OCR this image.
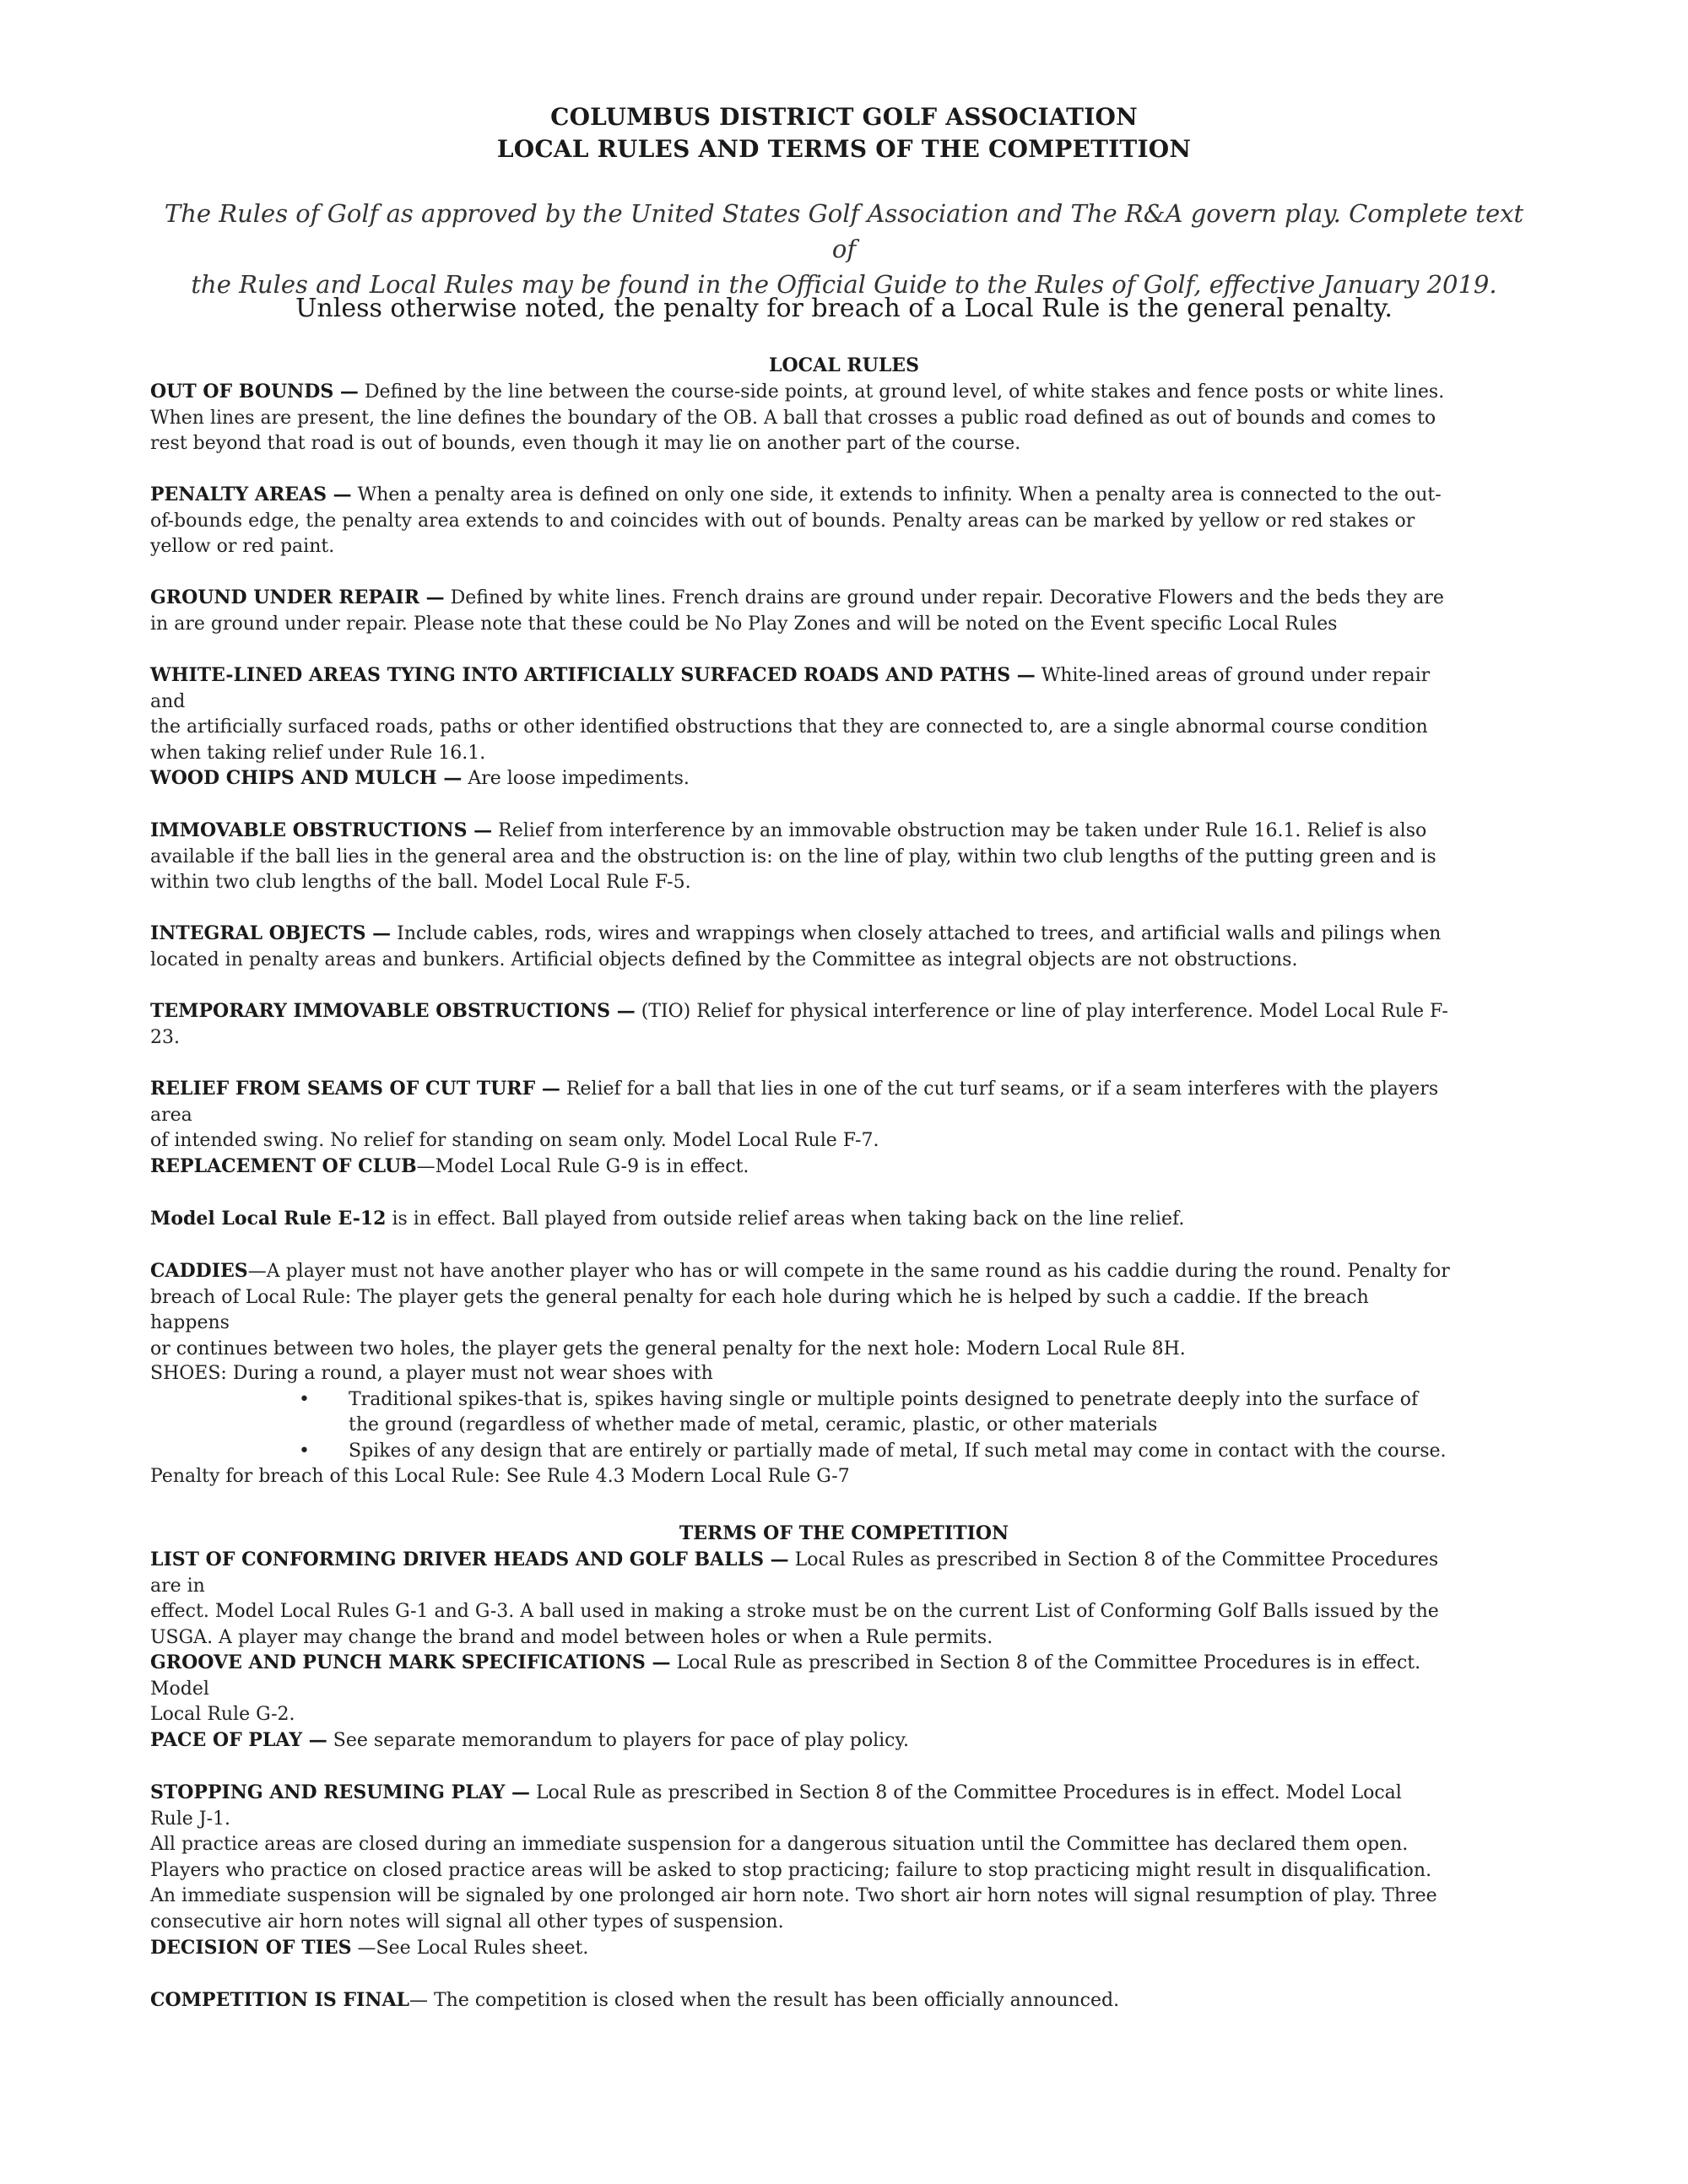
COLUMBUS DISTRICT GOLF ASSOCIATION
LOCAL RULES AND TERMS OF THE COMPETITION
The Rules of Golf as approved by the United States Golf Association and The R&A govern play. Complete text of
the Rules and Local Rules may be found in the Official Guide to the Rules of Golf, effective January 2019.
Unless otherwise noted, the penalty for breach of a Local Rule is the general penalty.
LOCAL RULES
OUT OF BOUNDS — Defined by the line between the course-side points, at ground level, of white stakes and fence posts or white lines.
When lines are present, the line defines the boundary of the OB. A ball that crosses a public road defined as out of bounds and comes to
rest beyond that road is out of bounds, even though it may lie on another part of the course.
PENALTY AREAS — When a penalty area is defined on only one side, it extends to infinity. When a penalty area is connected to the out-
of-bounds edge, the penalty area extends to and coincides with out of bounds. Penalty areas can be marked by yellow or red stakes or
yellow or red paint.
GROUND UNDER REPAIR — Defined by white lines. French drains are ground under repair. Decorative Flowers and the beds they are
in are ground under repair. Please note that these could be No Play Zones and will be noted on the Event specific Local Rules
WHITE-LINED AREAS TYING INTO ARTIFICIALLY SURFACED ROADS AND PATHS — White-lined areas of ground under repair and
the artificially surfaced roads, paths or other identified obstructions that they are connected to, are a single abnormal course condition
when taking relief under Rule 16.1.
WOOD CHIPS AND MULCH — Are loose impediments.
IMMOVABLE OBSTRUCTIONS — Relief from interference by an immovable obstruction may be taken under Rule 16.1. Relief is also
available if the ball lies in the general area and the obstruction is: on the line of play, within two club lengths of the putting green and is
within two club lengths of the ball. Model Local Rule F-5.
INTEGRAL OBJECTS — Include cables, rods, wires and wrappings when closely attached to trees, and artificial walls and pilings when
located in penalty areas and bunkers. Artificial objects defined by the Committee as integral objects are not obstructions.
TEMPORARY IMMOVABLE OBSTRUCTIONS — (TIO) Relief for physical interference or line of play interference. Model Local Rule F-
23.
RELIEF FROM SEAMS OF CUT TURF — Relief for a ball that lies in one of the cut turf seams, or if a seam interferes with the players area
of intended swing. No relief for standing on seam only. Model Local Rule F-7.
REPLACEMENT OF CLUB—Model Local Rule G-9 is in effect.
Model Local Rule E-12 is in effect. Ball played from outside relief areas when taking back on the line relief.
CADDIES—A player must not have another player who has or will compete in the same round as his caddie during the round. Penalty for
breach of Local Rule: The player gets the general penalty for each hole during which he is helped by such a caddie. If the breach happens
or continues between two holes, the player gets the general penalty for the next hole: Modern Local Rule 8H.
SHOES: During a round, a player must not wear shoes with
• Traditional spikes-that is, spikes having single or multiple points designed to penetrate deeply into the surface of
the ground (regardless of whether made of metal, ceramic, plastic, or other materials
• Spikes of any design that are entirely or partially made of metal, If such metal may come in contact with the course.
Penalty for breach of this Local Rule: See Rule 4.3 Modern Local Rule G-7
TERMS OF THE COMPETITION
LIST OF CONFORMING DRIVER HEADS AND GOLF BALLS — Local Rules as prescribed in Section 8 of the Committee Procedures are in
effect. Model Local Rules G-1 and G-3. A ball used in making a stroke must be on the current List of Conforming Golf Balls issued by the
USGA. A player may change the brand and model between holes or when a Rule permits.
GROOVE AND PUNCH MARK SPECIFICATIONS — Local Rule as prescribed in Section 8 of the Committee Procedures is in effect. Model
Local Rule G-2.
PACE OF PLAY — See separate memorandum to players for pace of play policy.
STOPPING AND RESUMING PLAY — Local Rule as prescribed in Section 8 of the Committee Procedures is in effect. Model Local Rule J-1.
All practice areas are closed during an immediate suspension for a dangerous situation until the Committee has declared them open.
Players who practice on closed practice areas will be asked to stop practicing; failure to stop practicing might result in disqualification.
An immediate suspension will be signaled by one prolonged air horn note. Two short air horn notes will signal resumption of play. Three
consecutive air horn notes will signal all other types of suspension.
DECISION OF TIES —See Local Rules sheet.
COMPETITION IS FINAL— The competition is closed when the result has been officially announced.
